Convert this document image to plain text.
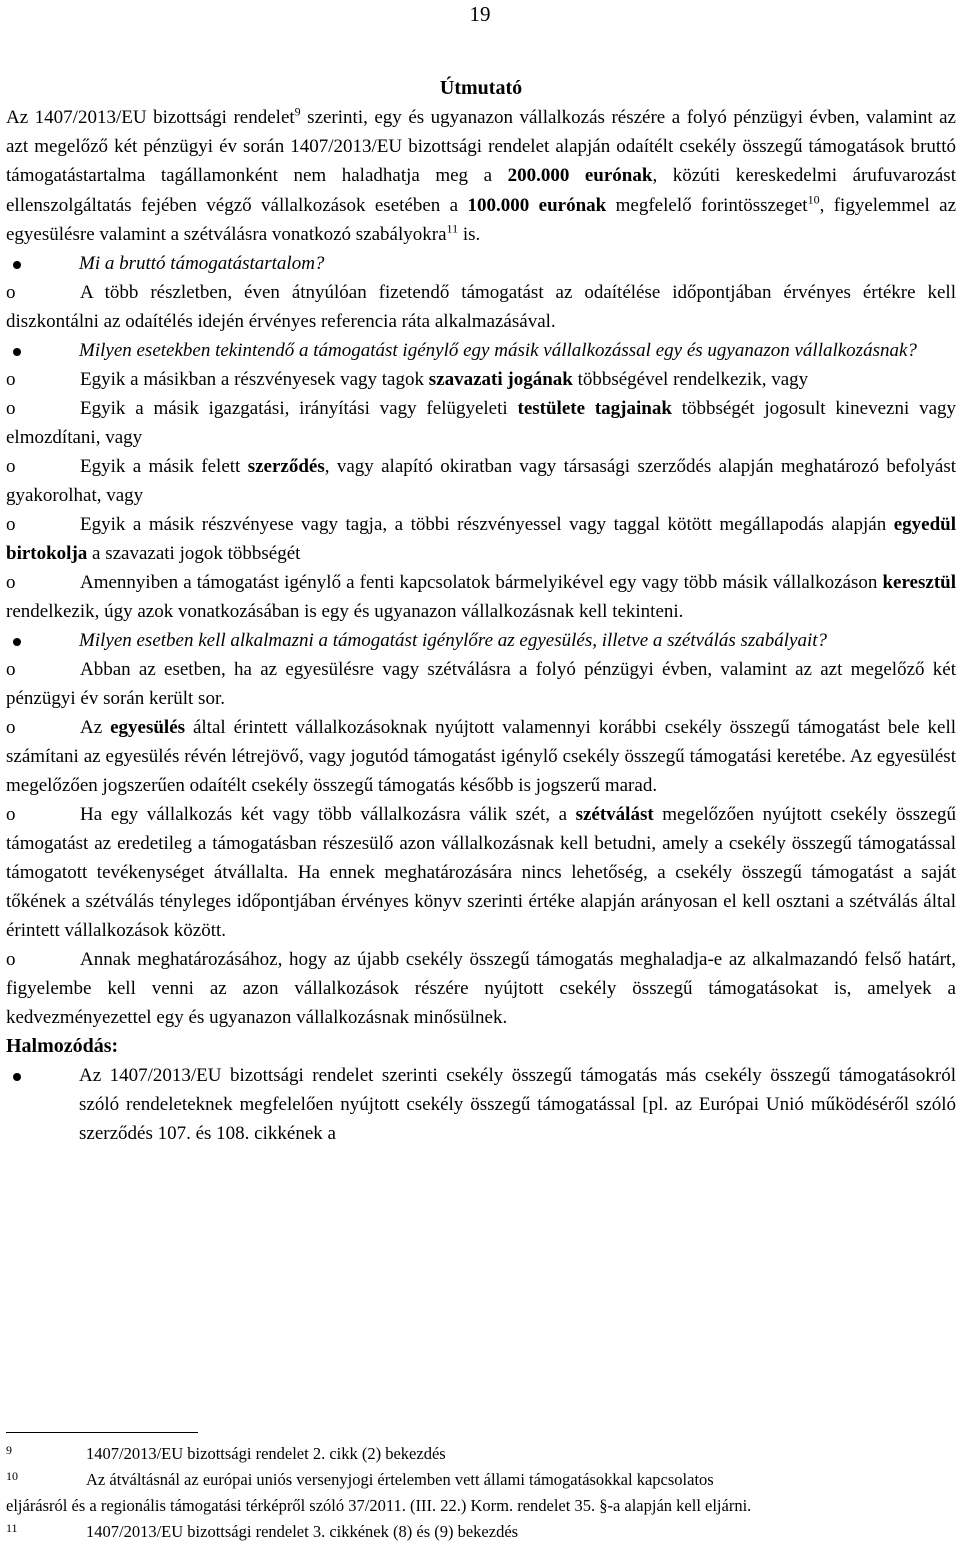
19
Útmutató

Az 1407/2013/EU bizottsági rendelet$^9$ szerinti, egy és ugyanazon vállalkozás részére a folyó pénzügyi évben, valamint az azt megelőző két pénzügyi év során 1407/2013/EU bizottsági rendelet alapján odaítélt csekély összegű támogatások bruttó támogatástartalma tagállamonként nem haladhatja meg a 200.000 eurónak, közúti kereskedelmi árufuvarozást ellenszolgáltatás fejében végző vállalkozások esetében a 100.000 eurónak megfelelő forintösszeget$^{10}$, figyelemmel az egyesülésre valamint a szétválásra vonatkozó szabályokra$^{11}$ is.

Mi a bruttó támogatástartalom?

o	A több részletben, éven átnyúlóan fizetendő támogatást az odaítélése időpontjában érvényes értékre kell diszkontálni az odaítélés idején érvényes referencia ráta alkalmazásával.

Milyen esetekben tekintendő a támogatást igénylő egy másik vállalkozással egy és ugyanazon vállalkozásnak?

o	Egyik a másikban a részvényesek vagy tagok szavazati jogának többségével rendelkezik, vagy

o	Egyik a másik igazgatási, irányítási vagy felügyeleti testülete tagjainak többségét jogosult kinevezni vagy elmozdítani, vagy

o	Egyik a másik felett szerződés, vagy alapító okiratban vagy társasági szerződés alapján meghatározó befolyást gyakorolhat, vagy

o	Egyik a másik részvényese vagy tagja, a többi részvényessel vagy taggal kötött megállapodás alapján egyedül birtokolja a szavazati jogok többségét

o	Amennyiben a támogatást igénylő a fenti kapcsolatok bármelyikével egy vagy több másik vállalkozáson keresztül rendelkezik, úgy azok vonatkozásában is egy és ugyanazon vállalkozásnak kell tekinteni.

Milyen esetben kell alkalmazni a támogatást igénylőre az egyesülés, illetve a szétválás szabályait?

o	Abban az esetben, ha az egyesülésre vagy szétválásra a folyó pénzügyi évben, valamint az azt megelőző két pénzügyi év során került sor.

o	Az egyesülés által érintett vállalkozásoknak nyújtott valamennyi korábbi csekély összegű támogatást bele kell számítani az egyesülés révén létrejövő, vagy jogutód támogatást igénylő csekély összegű támogatási keretébe. Az egyesülést megelőzően jogszerűen odaítélt csekély összegű támogatás később is jogszerű marad.

o	Ha egy vállalkozás két vagy több vállalkozásra válik szét, a szétválást megelőzően nyújtott csekély összegű támogatást az eredetileg a támogatásban részesülő azon vállalkozásnak kell betudni, amely a csekély összegű támogatással támogatott tevékenységet átvállalta. Ha ennek meghatározására nincs lehetőség, a csekély összegű támogatást a saját tőkének a szétválás tényleges időpontjában érvényes könyv szerinti értéke alapján arányosan el kell osztani a szétválás által érintett vállalkozások között.

o	Annak meghatározásához, hogy az újabb csekély összegű támogatás meghaladja-e az alkalmazandó felső határt, figyelembe kell venni az azon vállalkozások részére nyújtott csekély összegű támogatásokat is, amelyek a kedvezményezettel egy és ugyanazon vállalkozásnak minősülnek.

Halmozódás:

Az 1407/2013/EU bizottsági rendelet szerinti csekély összegű támogatás más csekély összegű támogatásokról szóló rendeleteknek megfelelően nyújtott csekély összegű támogatással [pl. az Európai Unió működéséről szóló szerződés 107. és 108. cikkének a

9	1407/2013/EU bizottsági rendelet 2. cikk (2) bekezdés

10	Az átváltásnál az európai uniós versenyjogi értelemben vett állami támogatásokkal kapcsolatos

eljárásról és a regionális támogatási térképről szóló 37/2011. (III. 22.) Korm. rendelet 35. §-a alapján kell eljárni.

11	1407/2013/EU bizottsági rendelet 3. cikkének (8) és (9) bekezdés
